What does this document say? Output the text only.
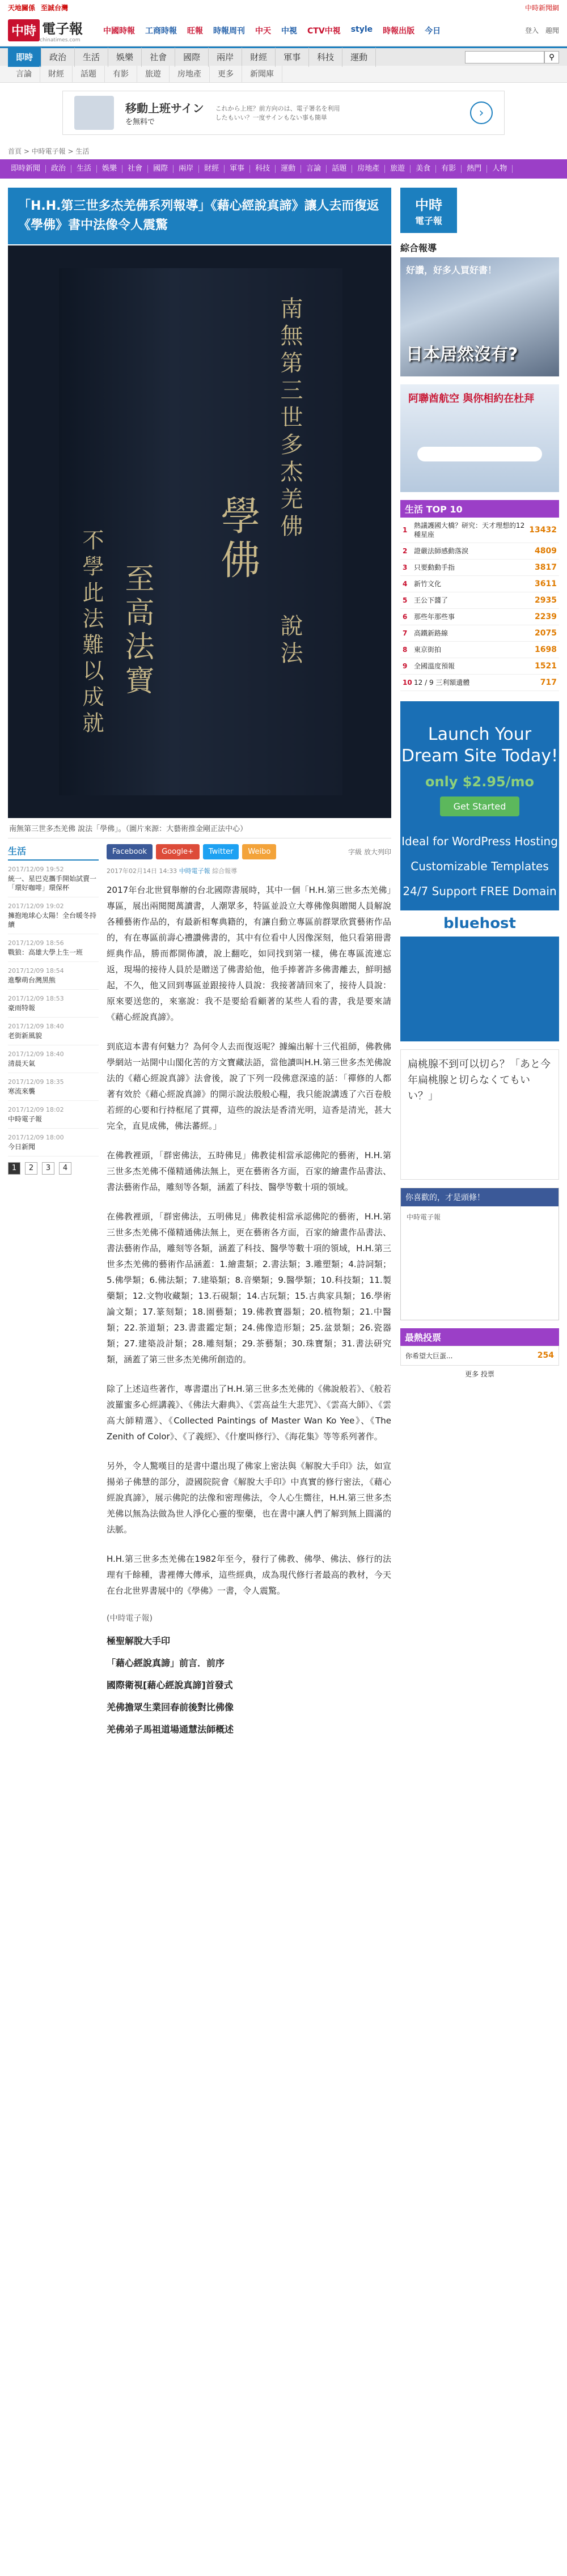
天地關係 至誠台灣	中時新聞網
中時 電子報
chinatimes.com
中國時報 工商時報 旺報 時報周刊 中天 中視 CTV中視 style 時報出版 今日	登入 趣聞
即時	政治	生活	娛樂	社會	國際	兩岸	財經	軍事	科技	運動	⚲
言論	財經	話題	有影	旅遊	房地產	更多	新聞庫
移動上班サイン
を無料で
これから上班？前方向のは、電子署名を利用したもいい？一度サインもない事も簡単	›
首頁 > 中時電子報 > 生活
即時新聞	政治	生活	娛樂	社會	國際	兩岸	財經	軍事	科技	運動	言論	話題	房地產	旅遊	美食	有影	熱門	人物
「H.H.第三世多杰羌佛系列報導」《藉心經說真諦》讓人去而復返《學佛》書中法像令人震驚
南無第三世多杰羌佛
說法
學佛
至高法寶
不學此法難以成就
南無第三世多杰羌佛 說法「學佛」。（圖片來源：大藝術推金剛正法中心）
生活
2017/12/09 19:52
統一、星巴克攜手開始試賣一「環好咖啡」環保杯
2017/12/09 19:02
擁抱地球心太陽！全台暖冬持續
2017/12/09 18:56
戰狼：高雄大學上生一班
2017/12/09 18:54
進擊萌台灣黑熊
2017/12/09 18:53
豪雨特報
2017/12/09 18:40
老街新風貌
2017/12/09 18:40
清晨天氣
2017/12/09 18:35
寒流來襲
2017/12/09 18:02
中時電子報
2017/12/09 18:00
今日新聞
1	2	3	4
Facebook	Google+	Twitter	Weibo	字級 放大列印
2017年02月14日 14:33 中時電子報 綜合報導

2017年台北世貿舉辦的台北國際書展時，其中一個「H.H.第三世多杰羌佛」專區，展出兩閱閱萬讀書，人潮眾多，特區並設立大尊佛像與贈閱人員解說各種藝術作品的，有最新相奪典籍的，有讓自動立專區前群眾欣賞藝術作品的，有在專區前壽心禮讚佛書的，其中有位看中人因像深刻，他只看第冊書經典作品，勝而都開佈讀，說上翻吃，如同找到第一樣，佛在專區流連忘返，現場的接待人員於是贈送了佛書給他，他手捧著許多佛書離去，鮮明撼起，不久，他又回到專區並跟接待人員說：我接著請回來了，接待人員說：原來要送您的，來塞說：我不是要給看顧著的某些人看的書，我是要來請《藉心經說真諦》。

到底這本書有何魅力？為何令人去而復返呢？據編出解十三代祖師，佛教佛學網站一站開中山閣化苦的方文寶藏法語，當他讀叫H.H.第三世多杰羌佛說法的《藉心經說真諦》法會後，說了下列一段佛意深遠的話：「禪修的人都著有效於《藉心經說真諦》的開示說法殷般心糧，我只能說講透了六百卷般若經的心要和行持框尾了貫禪，這些的說法是香清光明，這香是清光，甚大完全，直見成佛，佛法蕃經。」

在佛教裡頭，「群密佛法，五時佛見」佛教徒相當承認佛陀的藝術，H.H.第三世多杰羌佛不僅精通佛法無上，更在藝術各方面，百家的繪畫作品書法、書法藝術作品，雕刻等各類，涵蓋了科技、醫學等數十項的領域。

在佛教裡頭，「群密佛法，五明佛見」佛教徒相當承認佛陀的藝術，H.H.第三世多杰羌佛不僅精通佛法無上，更在藝術各方面，百家的繪畫作品書法、書法藝術作品，雕刻等各類，涵蓋了科技、醫學等數十項的領域，H.H.第三世多杰羌佛的藝術作品涵蓋：1.繪畫類；2.書法類；3.雕塑類；4.詩詞類；5.佛學類；6.佛法類；7.建築類；8.音樂類；9.醫學類；10.科技類；11.製藥類；12.文物收藏類；13.石硯類；14.古玩類；15.古典家具類；16.學術論文類；17.篆刻類；18.園藝類；19.佛教寶器類；20.植物類；21.中醫類；22.茶道類；23.書畫鑑定類；24.佛像造形類；25.盆景類；26.瓷器類；27.建築設計類；28.雕刻類；29.茶藝類；30.珠寶類；31.書法研究類，涵蓋了第三世多杰羌佛所創造的。

除了上述這些著作，專書還出了H.H.第三世多杰羌佛的《佛說般若》、《般若波羅蜜多心經講義》、《佛法大辭典》、《雲高益生大悲咒》、《雲高大師》、《雲高大師精選》、《Collected Paintings of Master Wan Ko Yee》、《The Zenith of Color》、《了義經》、《什麼叫修行》、《海花集》等等系列著作。

另外，令人驚嘆目的是書中還出現了佛家上密法與《解脫大手印》法，如宣揚弟子佛慧的部分，證國院院會《解脫大手印》中真實的修行密法，《藉心經說真諦》，展示佛陀的法像和密理佛法，令人心生嚮往，H.H.第三世多杰羌佛以無為法做為世人淨化心靈的聖藥，也在書中讓人們了解到無上圓滿的法脈。

H.H.第三世多杰羌佛在1982年至今，發行了佛教、佛學、佛法、修行的法理有千餘種，書裡傳大傳承，這些經典，成為現代修行者最高的教材，今天在台北世界書展中的《學佛》一書，令人震驚。

(中時電子報)
極聖解脫大手印
「藉心經說真諦」前言．前序
國際衛視[藉心經說真諦]首發式
羌佛擔眾生業回春前後對比佛像
羌佛弟子馬祖道場通慧法師概述
中時
電子報
綜合報導
好讚，好多人買好書！
日本居然沒有?
阿聯酋航空 與你相約在杜拜
生活 TOP 10
1
熱議護國大橋？研究：天才理想的12種星座	13432
2 證嚴法師感動落淚	4809
3 只要動動手指	3817
4 新竹文化	3611
5 王公下醬了	2935
6 那些年那些事	2239
7 高鐵新路線	2075
8 東京街拍	1698
9 全國溫度預報	1521
10 12 / 9 三利額遺體	717
Launch Your Dream Site Today!
only $2.95/mo
Get Started
Ideal for WordPress Hosting
Customizable Templates
24/7 Support FREE Domain
bluehost
扁桃腺不到可以切ら？「あと今年扁桃腺と切らなくてもいい？」
你喜歡的，才是頭條！
中時電子報
最熱投票
你希望大巨蛋...	254
更多 投票
